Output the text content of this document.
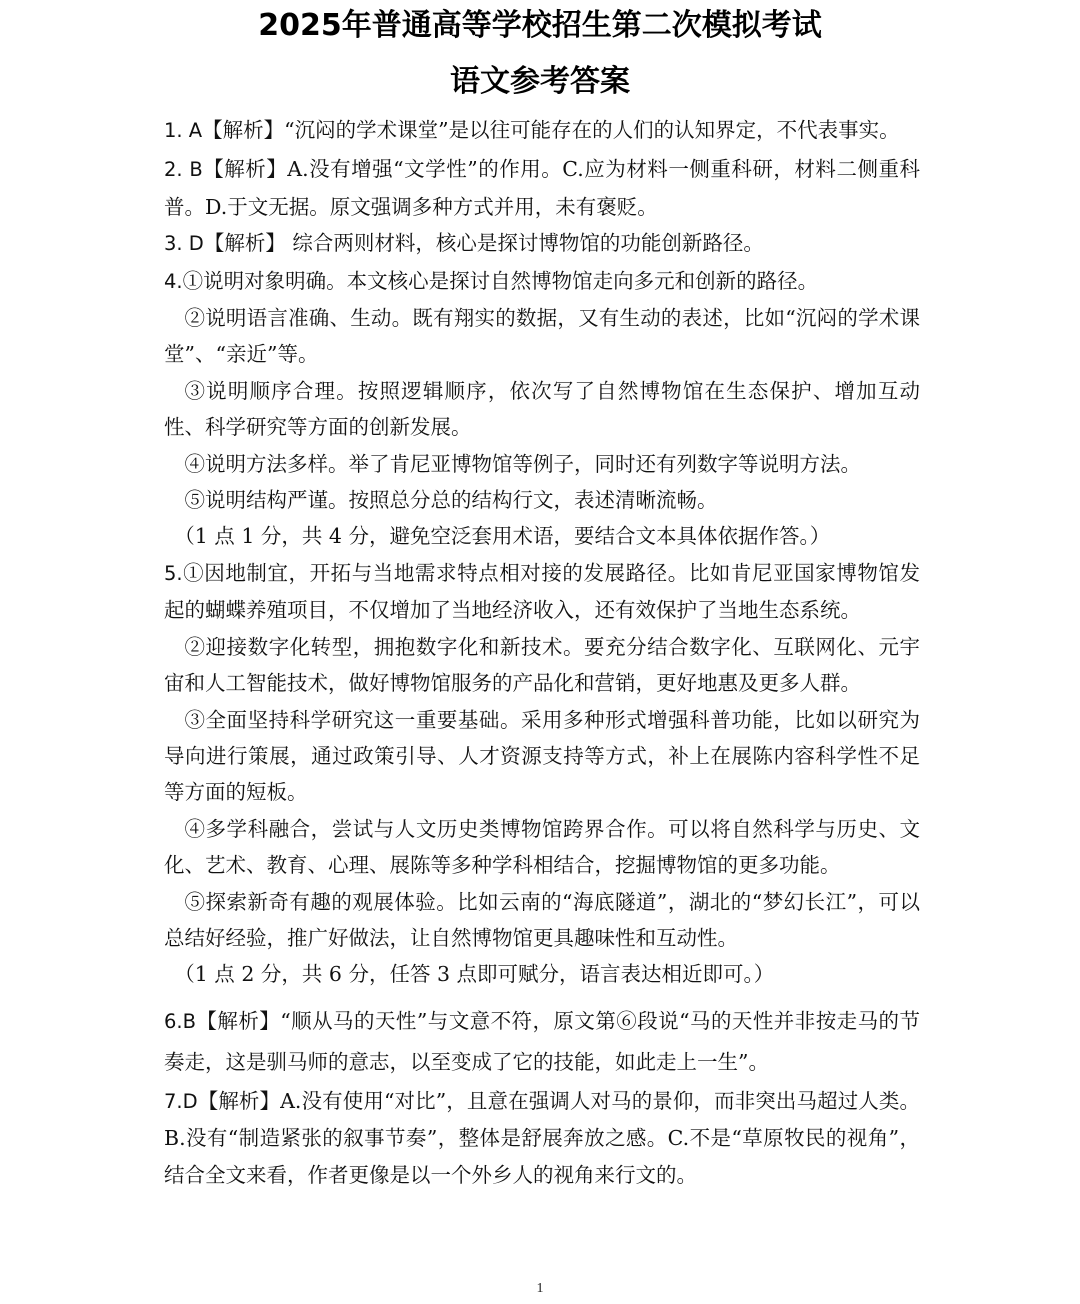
2025年普通高等学校招生第二次模拟考试
语文参考答案

1. A【解析】“沉闷的学术课堂”是以往可能存在的人们的认知界定，不代表事实。

2. B【解析】A.没有增强“文学性”的作用。C.应为材料一侧重科研，材料二侧重科普。D.于文无据。原文强调多种方式并用，未有褒贬。

3. D【解析】 综合两则材料，核心是探讨博物馆的功能创新路径。

4.①说明对象明确。本文核心是探讨自然博物馆走向多元和创新的路径。

②说明语言准确、生动。既有翔实的数据，又有生动的表述，比如“沉闷的学术课堂”、“亲近”等。

③说明顺序合理。按照逻辑顺序，依次写了自然博物馆在生态保护、增加互动性、科学研究等方面的创新发展。

④说明方法多样。举了肯尼亚博物馆等例子，同时还有列数字等说明方法。

⑤说明结构严谨。按照总分总的结构行文，表述清晰流畅。

（1 点 1 分，共 4 分，避免空泛套用术语，要结合文本具体依据作答。）

5.①因地制宜，开拓与当地需求特点相对接的发展路径。比如肯尼亚国家博物馆发起的蝴蝶养殖项目，不仅增加了当地经济收入，还有效保护了当地生态系统。

②迎接数字化转型，拥抱数字化和新技术。要充分结合数字化、互联网化、元宇宙和人工智能技术，做好博物馆服务的产品化和营销，更好地惠及更多人群。

③全面坚持科学研究这一重要基础。采用多种形式增强科普功能，比如以研究为导向进行策展，通过政策引导、人才资源支持等方式，补上在展陈内容科学性不足等方面的短板。

④多学科融合，尝试与人文历史类博物馆跨界合作。可以将自然科学与历史、文化、艺术、教育、心理、展陈等多种学科相结合，挖掘博物馆的更多功能。

⑤探索新奇有趣的观展体验。比如云南的“海底隧道”，湖北的“梦幻长江”，可以总结好经验，推广好做法，让自然博物馆更具趣味性和互动性。

（1 点 2 分，共 6 分，任答 3 点即可赋分，语言表达相近即可。）

6.B【解析】“顺从马的天性”与文意不符，原文第⑥段说“马的天性并非按走马的节奏走，这是驯马师的意志，以至变成了它的技能，如此走上一生”。

7.D【解析】A.没有使用“对比”，且意在强调人对马的景仰，而非突出马超过人类。B.没有“制造紧张的叙事节奏”，整体是舒展奔放之感。C.不是“草原牧民的视角”，结合全文来看，作者更像是以一个外乡人的视角来行文的。

1
